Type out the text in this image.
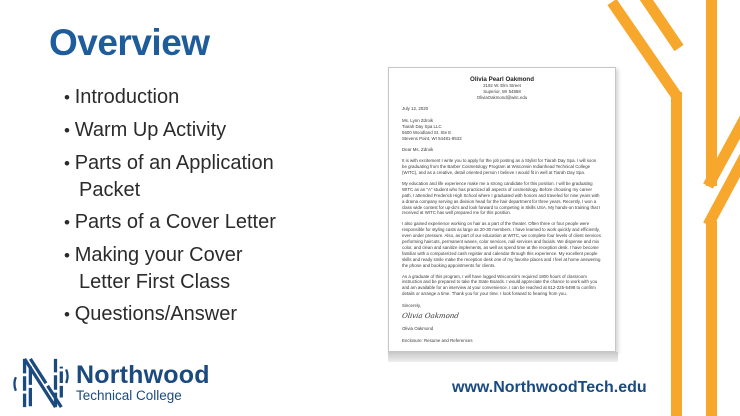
Overview
• Introduction
• Warm Up Activity
• Parts of an Application Packet
• Parts of a Cover Letter
• Making your Cover Letter First Class
• Questions/Answer
Olivia Pearl Oakmond
2192 W. Elm Street
Superior, WI 54868
OliviaOakmond@witc.edu
July 12, 2020
Ms. Lynn Zdroik
Tiarah Day Spa LLC
5600 Woodland St. Ste E
Stevens Point, WI 54481-9533
Dear Ms. Zdroik
It is with excitement I write you to apply for the job posting as a Stylist for Tiarah Day Spa. I will soon be graduating from the Barber Cosmetology Program at Wisconsin Indianhead Technical College (WITC), and as a creative, detail oriented person I believe I would fit in well at Tiarah Day Spa.
My education and life experience make me a strong candidate for this position. I will be graduating WITC as an "A" student who has practiced all aspects of cosmetology. Before choosing my career path, I attended Frederick High School where I graduated with honors and traveled for nine years with a drama company serving as division head for the hair department for three years. Recently, I won a class wide contest for up-do's and look forward to competing in Skills USA. My hands-on training that I received at WITC has well prepared me for this position.
I also gained experience working on hair as a part of the theater. Often three or four people were responsible for styling casts as large as 20-30 members. I have learned to work quickly and efficiently, even under pressure. Also, as part of our education at WITC, we complete four levels of client services performing haircuts, permanent waves, color services, nail services and facials. We dispense and mix color, and clean and sanitize implements, as well as spend time at the reception desk. I have become familiar with a computerized cash register and calendar through this experience. My excellent people skills and ready smile make the reception desk one of my favorite places and I feel at home answering the phone and booking appointments for clients.
As a graduate of this program, I will have logged Wisconsin's required 1800 hours of classroom instruction and be prepared to take the State Boards. I would appreciate the chance to work with you and am available for an interview at your convenience. I can be reached at 612-225-5498 to confirm details or arrange a time. Thank you for your time. I look forward to hearing from you.
Sincerely,
Olivia Oakmond
Olivia Oakmond
Enclosure: Resume and References
Northwood
Technical College	www.NorthwoodTech.edu
